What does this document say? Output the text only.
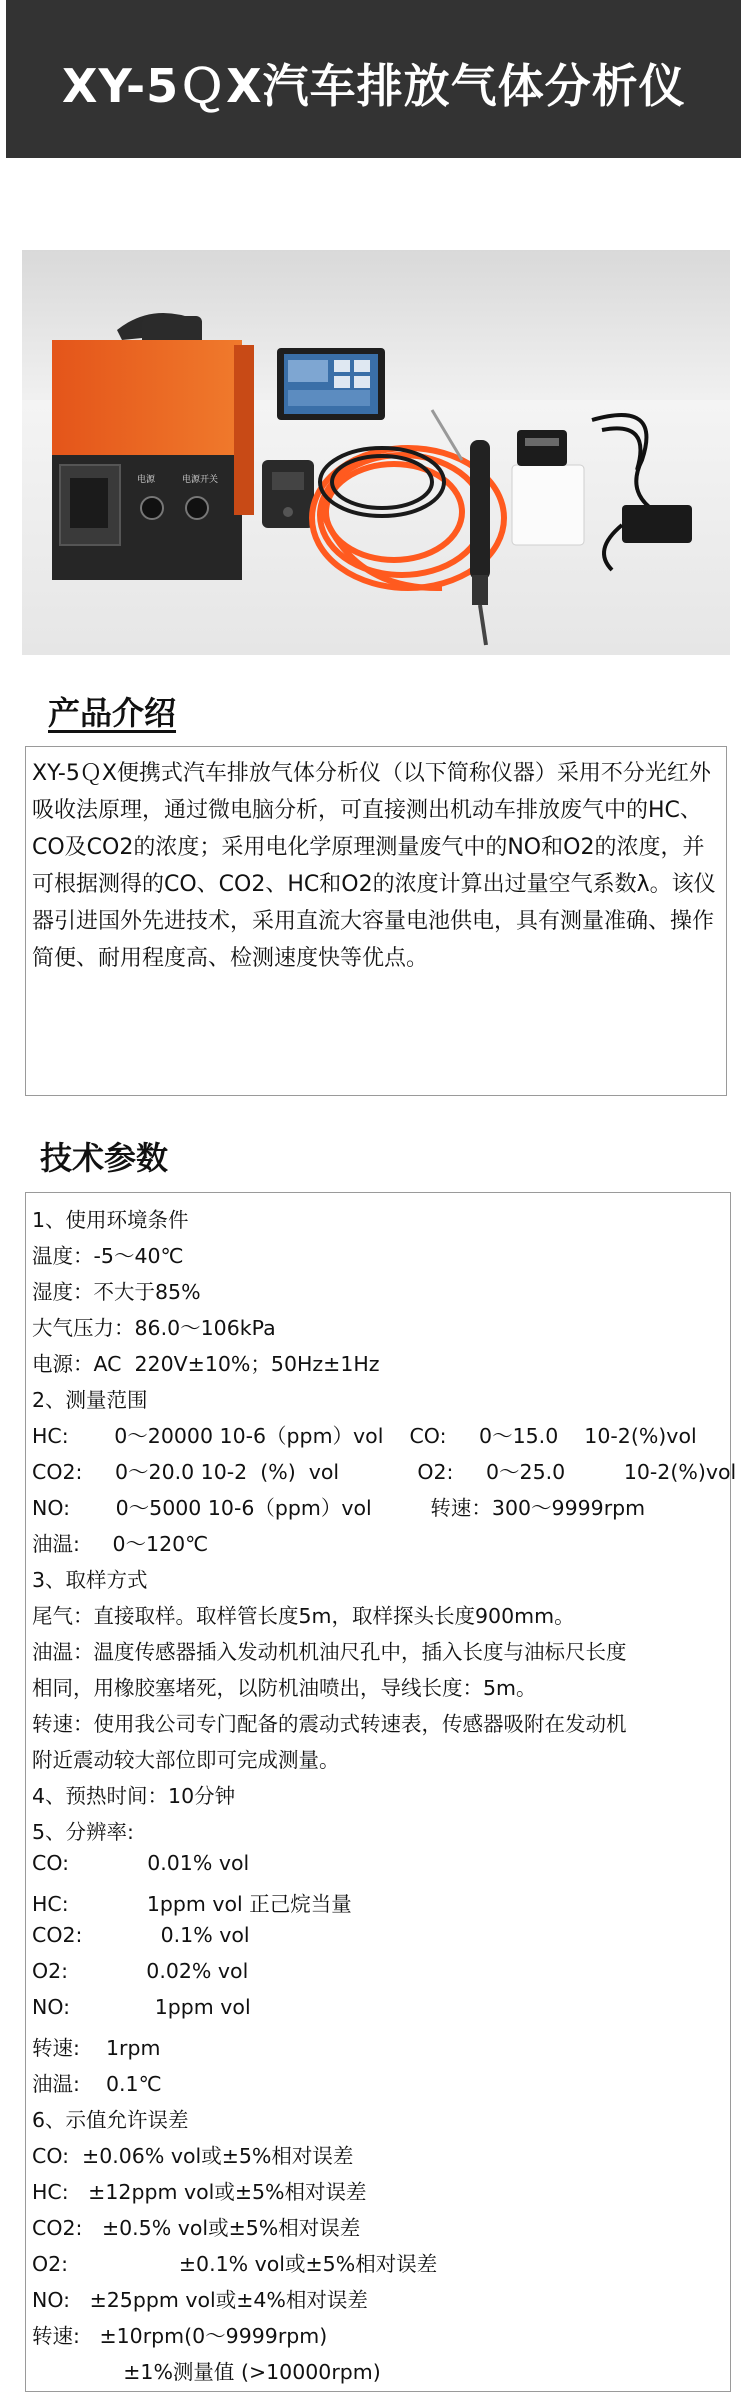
XY-5ＱX汽车排放气体分析仪
电源	电源开关
产品介绍

XY-5ＱX便携式汽车排放气体分析仪（以下简称仪器）采用不分光红外吸收法原理，通过微电脑分析，可直接测出机动车排放废气中的HC、CO及CO2的浓度；采用电化学原理测量废气中的NO和O2的浓度，并可根据测得的CO、CO2、HC和O2的浓度计算出过量空气系数λ。该仪器引进国外先进技术，采用直流大容量电池供电，具有测量准确、操作简便、耐用程度高、检测速度快等优点。

技术参数
1、使用环境条件
温度：-5～40℃
湿度：不大于85%
大气压力：86.0～106kPa
电源：AC  220V±10%；50Hz±1Hz
2、测量范围
HC:       0～20000 10-6（ppm）vol    CO:     0～15.0    10-2(%)vol
CO2:     0～20.0 10-2  (%)  vol            O2:     0～25.0         10-2(%)vol
NO:       0～5000 10-6（ppm）vol         转速：300～9999rpm
油温:     0～120℃
3、取样方式
尾气：直接取样。取样管长度5m，取样探头长度900mm。
油温：温度传感器插入发动机机油尺孔中，插入长度与油标尺长度
相同，用橡胶塞堵死，以防机油喷出，导线长度：5m。
转速：使用我公司专门配备的震动式转速表，传感器吸附在发动机
附近震动较大部位即可完成测量。
4、预热时间：10分钟
5、分辨率:
CO:            0.01% vol
HC:            1ppm vol 正己烷当量
CO2:            0.1% vol
O2:            0.02% vol
NO:             1ppm vol
转速:    1rpm
油温:    0.1℃
6、示值允许误差
CO:  ±0.06% vol或±5%相对误差
HC:   ±12ppm vol或±5%相对误差
CO2:   ±0.5% vol或±5%相对误差
O2:                 ±0.1% vol或±5%相对误差
NO:   ±25ppm vol或±4%相对误差
转速:   ±10rpm(0～9999rpm)
±1%测量值 (>10000rpm)
